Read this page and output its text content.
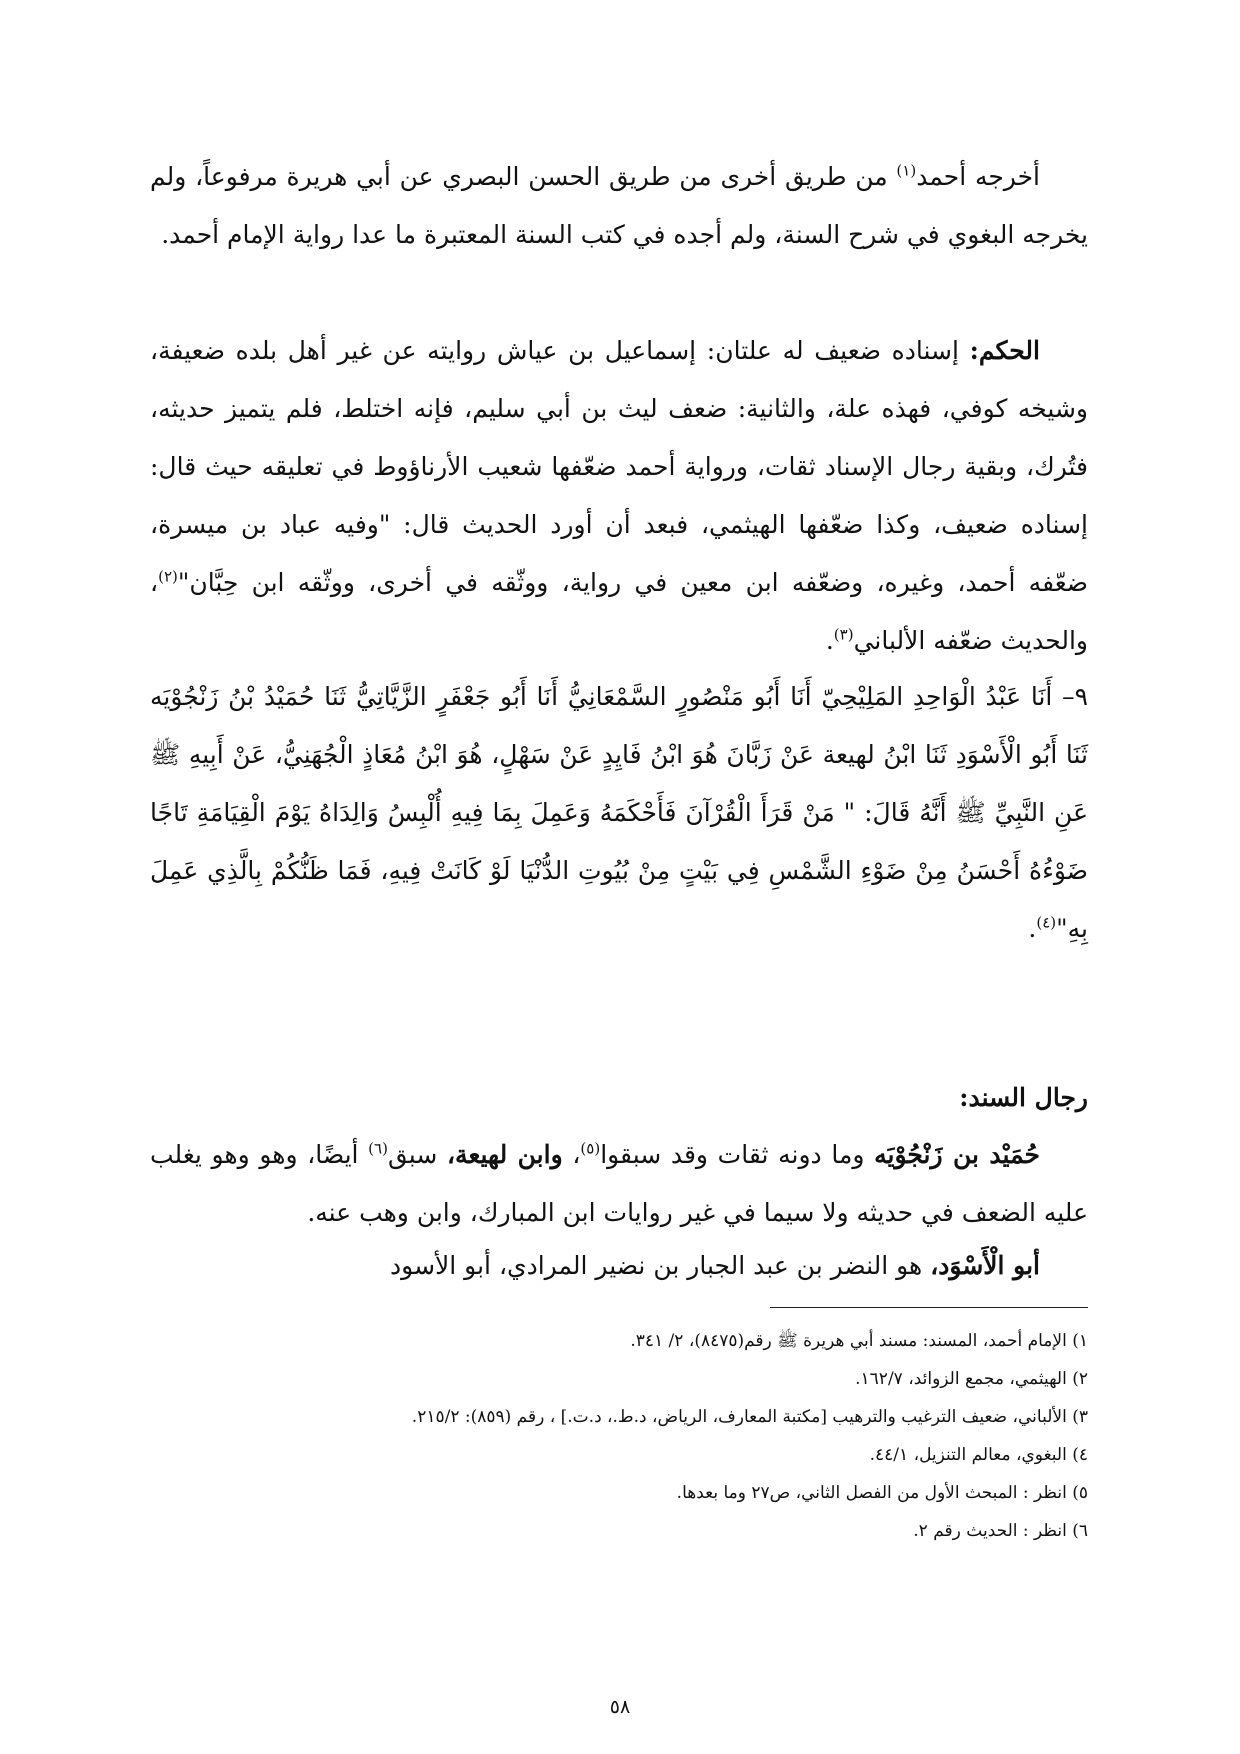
أخرجه أحمد$^{(١)}$ من طريق أخرى من طريق الحسن البصري عن أبي هريرة مرفوعاً، ولم يخرجه البغوي في شرح السنة، ولم أجده في كتب السنة المعتبرة ما عدا رواية الإمام أحمد.

الحكم: إسناده ضعيف له علتان: إسماعيل بن عياش روايته عن غير أهل بلده ضعيفة، وشيخه كوفي، فهذه علة، والثانية: ضعف ليث بن أبي سليم، فإنه اختلط، فلم يتميز حديثه، فتُرك، وبقية رجال الإسناد ثقات، ورواية أحمد ضعّفها شعيب الأرناؤوط في تعليقه حيث قال: إسناده ضعيف، وكذا ضعّفها الهيثمي، فبعد أن أورد الحديث قال: "وفيه عباد بن ميسرة، ضعّفه أحمد، وغيره، وضعّفه ابن معين في رواية، ووثّقه في أخرى، ووثّقه ابن حِبَّان"$^{(٢)}$، والحديث ضعّفه الألباني$^{(٣)}$.

٩– أَنَا عَبْدُ الْوَاحِدِ المَلِيْحِيّ أَنَا أَبُو مَنْصُورٍ السَّمْعَانِيُّ أَنَا أَبُو جَعْفَرٍ الزَّيَّاتِيُّ ثَنَا حُمَيْدُ بْنُ زَنْجُوْيَه ثَنَا أَبُو الْأَسْوَدِ ثَنَا ابْنُ لهيعة عَنْ زَبَّانَ هُوَ ابْنُ فَايِدٍ عَنْ سَهْلٍ، هُوَ ابْنُ مُعَاذٍ الْجُهَنِيُّ، عَنْ أَبِيهِ ﷺ عَنِ النَّبِيِّ ﷺ أَنَّهُ قَالَ: " مَنْ قَرَأَ الْقُرْآنَ فَأَحْكَمَهُ وَعَمِلَ بِمَا فِيهِ أُلْبِسُ وَالِدَاهُ يَوْمَ الْقِيَامَةِ تَاجًا ضَوْءُهُ أَحْسَنُ مِنْ ضَوْءِ الشَّمْسِ فِي بَيْتٍ مِنْ بُيُوتِ الدُّنْيَا لَوْ كَانَتْ فِيهِ، فَمَا ظَنُّكُمْ بِالَّذِي عَمِلَ بِهِ"$^{(٤)}$.

رجال السند:

حُمَيْد بن زَنْجُوْيَه وما دونه ثقات وقد سبقوا$^{(٥)}$، وابن لهيعة، سبق$^{(٦)}$ أيضًا، وهو وهو يغلب عليه الضعف في حديثه ولا سيما في غير روايات ابن المبارك، وابن وهب عنه.

أبو الْأَسْوَد، هو النضر بن عبد الجبار بن نضير المرادي، أبو الأسود

١) الإمام أحمد، المسند: مسند أبي هريرة ﷺ رقم(٨٤٧٥)، ٢/ ٣٤١.
٢) الهيثمي، مجمع الزوائد، ١٦٢/٧.
٣) الألباني، ضعيف الترغيب والترهيب [مكتبة المعارف، الرياض، د.ط.، د.ت.] ، رقم (٨٥٩): ٢١٥/٢.
٤) البغوي، معالم التنزيل، ٤٤/١.
٥) انظر : المبحث الأول من الفصل الثاني، ص٢٧ وما بعدها.
٦) انظر : الحديث رقم ٢.
٥٨
